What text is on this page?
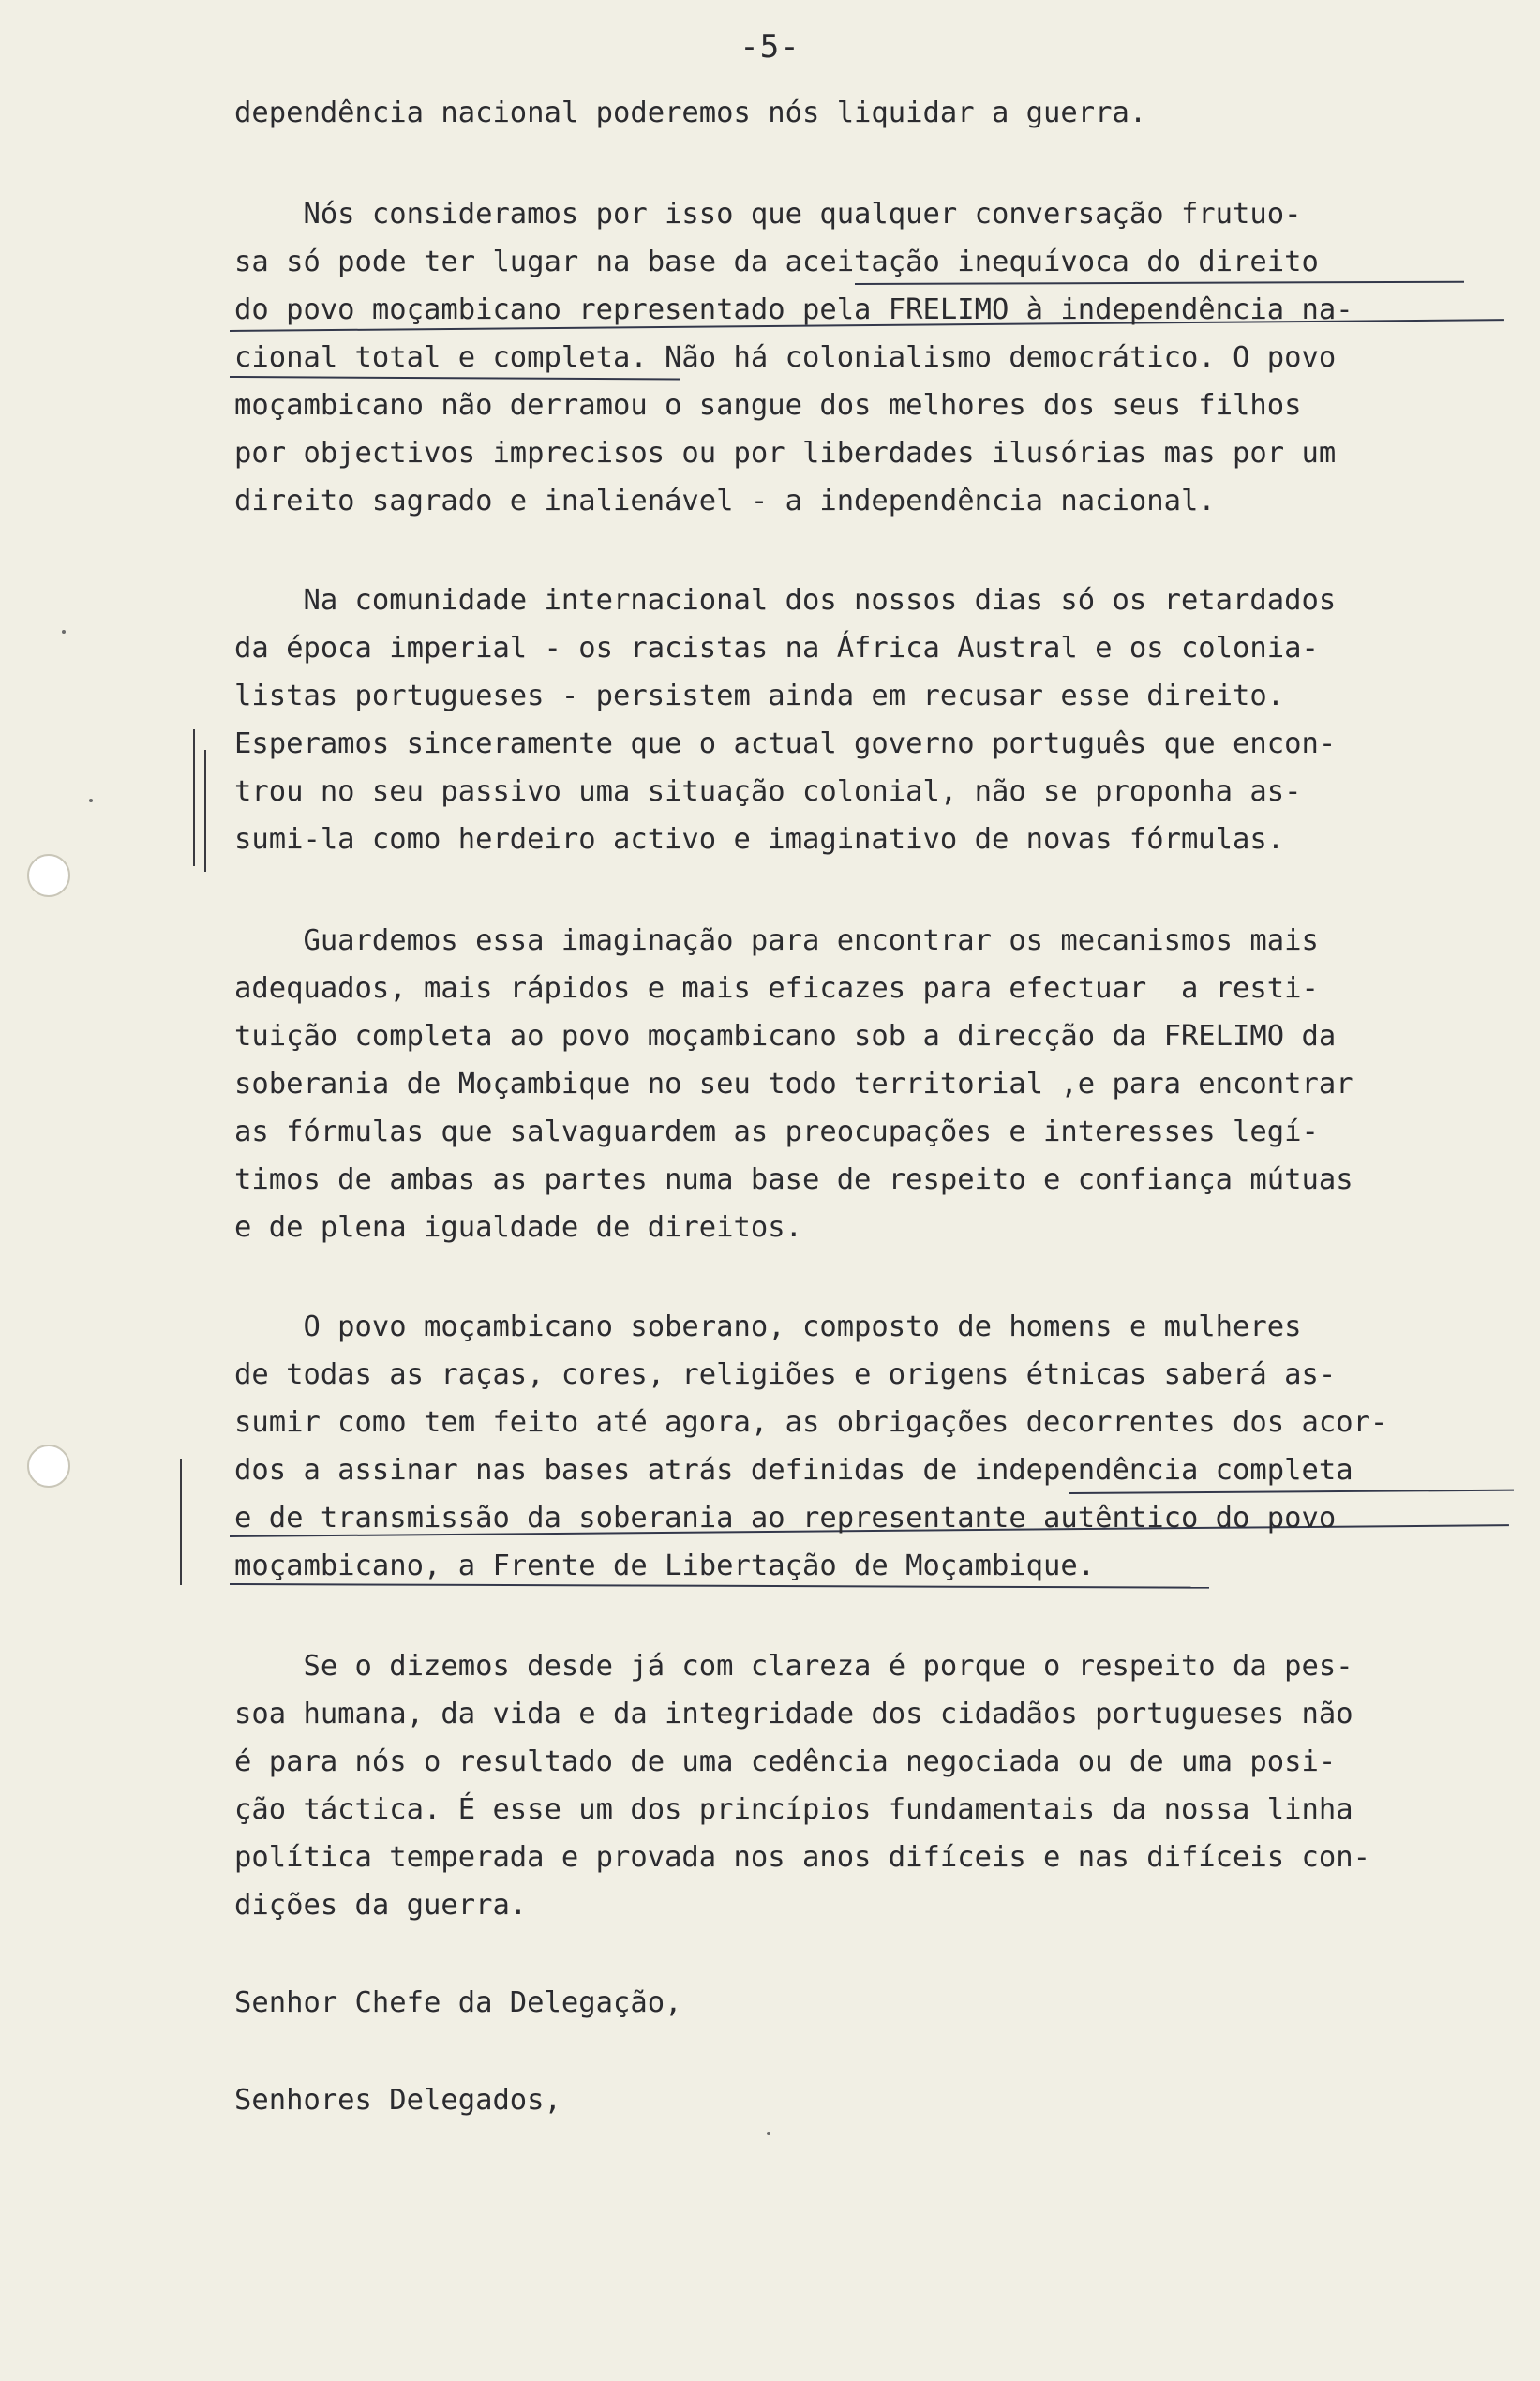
-5-
dependência nacional poderemos nós liquidar a guerra.
Nós consideramos por isso que qualquer conversação frutuo-
sa só pode ter lugar na base da aceitação inequívoca do direito
do povo moçambicano representado pela FRELIMO à independência na-
cional total e completa. Não há colonialismo democrático. O povo
moçambicano não derramou o sangue dos melhores dos seus filhos
por objectivos imprecisos ou por liberdades ilusórias mas por um
direito sagrado e inalienável - a independência nacional.
Na comunidade internacional dos nossos dias só os retardados
da época imperial - os racistas na África Austral e os colonia-
listas portugueses - persistem ainda em recusar esse direito.
Esperamos sinceramente que o actual governo português que encon-
trou no seu passivo uma situação colonial, não se proponha as-
sumi-la como herdeiro activo e imaginativo de novas fórmulas.
Guardemos essa imaginação para encontrar os mecanismos mais
adequados, mais rápidos e mais eficazes para efectuar  a resti-
tuição completa ao povo moçambicano sob a direcção da FRELIMO da
soberania de Moçambique no seu todo territorial ,e para encontrar
as fórmulas que salvaguardem as preocupações e interesses legí-
timos de ambas as partes numa base de respeito e confiança mútuas
e de plena igualdade de direitos.
O povo moçambicano soberano, composto de homens e mulheres
de todas as raças, cores, religiões e origens étnicas saberá as-
sumir como tem feito até agora, as obrigações decorrentes dos acor-
dos a assinar nas bases atrás definidas de independência completa
e de transmissão da soberania ao representante autêntico do povo
moçambicano, a Frente de Libertação de Moçambique.
Se o dizemos desde já com clareza é porque o respeito da pes-
soa humana, da vida e da integridade dos cidadãos portugueses não
é para nós o resultado de uma cedência negociada ou de uma posi-
ção táctica. É esse um dos princípios fundamentais da nossa linha
política temperada e provada nos anos difíceis e nas difíceis con-
dições da guerra.
Senhor Chefe da Delegação,
Senhores Delegados,
